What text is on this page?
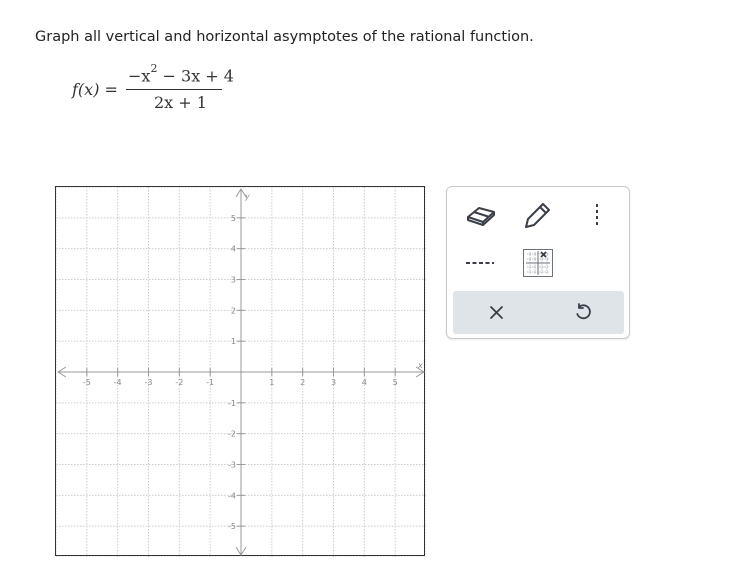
Graph all vertical and horizontal asymptotes of the rational function.
f(x) =
$-x^2 - 3x + 4$
2x + 1
x
y
-5	-4	-3	-2	-1	1	2	3	4	5
5
4
3
2
1
-1
-2
-3
-4
-5
